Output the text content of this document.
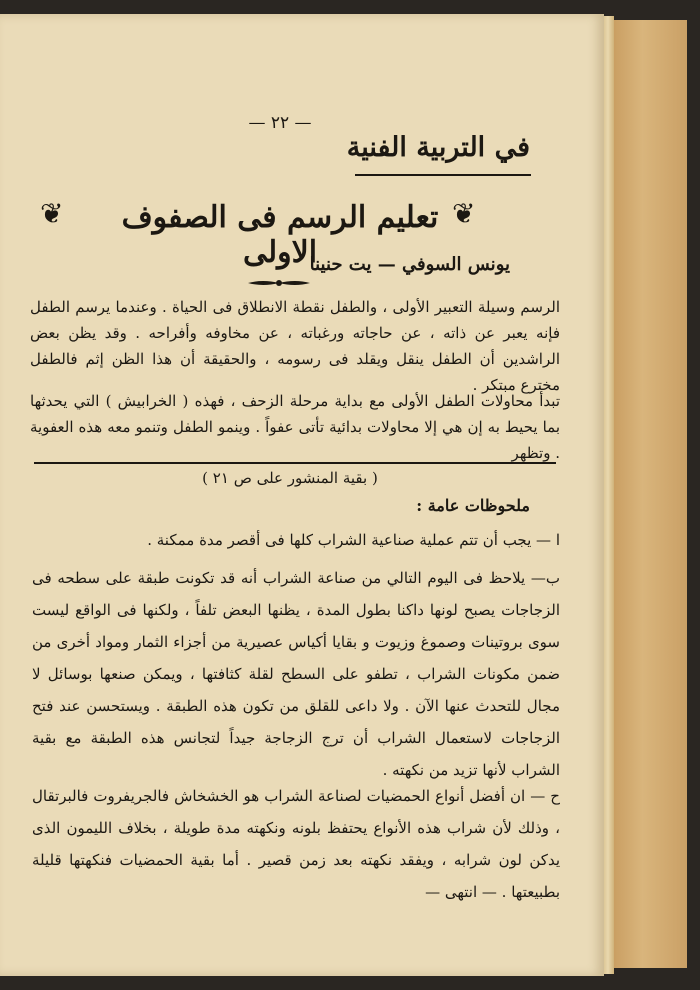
— ٢٢ —
في التربية الفنية
❦	تعليم الرسم فى الصفوف الاولى
❦
يونس السوفي — يت حنينا
الرسم وسيلة التعبير الأولى ، والطفل نقطة الانطلاق فى الحياة . وعندما يرسم الطفل فإنه يعبر عن ذاته ، عن حاجاته ورغباته ، عن مخاوفه وأفراحه . وقد يظن بعض الراشدين أن الطفل ينقل ويقلد فى رسومه ، والحقيقة أن هذا الظن إثم فالطفل مخترع مبتكر .
تبدأ محاولات الطفل الأولى مع بداية مرحلة الزحف ، فهذه ( الخرابيش ) التي يحدثها بما يحيط به إن هي إلا محاولات بدائية تأتى عفواً . وينمو الطفل وتنمو معه هذه العفوية . وتظهر
( بقية المنشور على ص ٢١ )
ملحوظات عامة :
ا — يجب أن تتم عملية صناعية الشراب كلها فى أقصر مدة ممكنة .
ب— يلاحظ فى اليوم التالي من صناعة الشراب أنه قد تكونت طبقة على سطحه فى الزجاجات يصبح لونها داكنا بطول المدة ، يظنها البعض تلفاً ، ولكنها فى الواقع ليست سوى بروتينات وصموغ وزيوت و بقايا أكياس عصيرية من أجزاء الثمار ومواد أخرى من ضمن مكونات الشراب ، تطفو على السطح لقلة كثافتها ، ويمكن صنعها بوسائل لا مجال للتحدث عنها الآن . ولا داعى للقلق من تكون هذه الطبقة . ويستحسن عند فتح الزجاجات لاستعمال الشراب أن ترج الزجاجة جيداً لتجانس هذه الطبقة مع بقية الشراب لأنها تزيد من نكهته .
ح — ان أفضل أنواع الحمضيات لصناعة الشراب هو الخشخاش فالجريفروت فالبرتقال ، وذلك لأن شراب هذه الأنواع يحتفظ بلونه ونكهته مدة طويلة ، بخلاف الليمون الذى يدكن لون شرابه ، ويفقد نكهته بعد زمن قصير . أما بقية الحمضيات فنكهتها قليلة بطبيعتها . — انتهى —
